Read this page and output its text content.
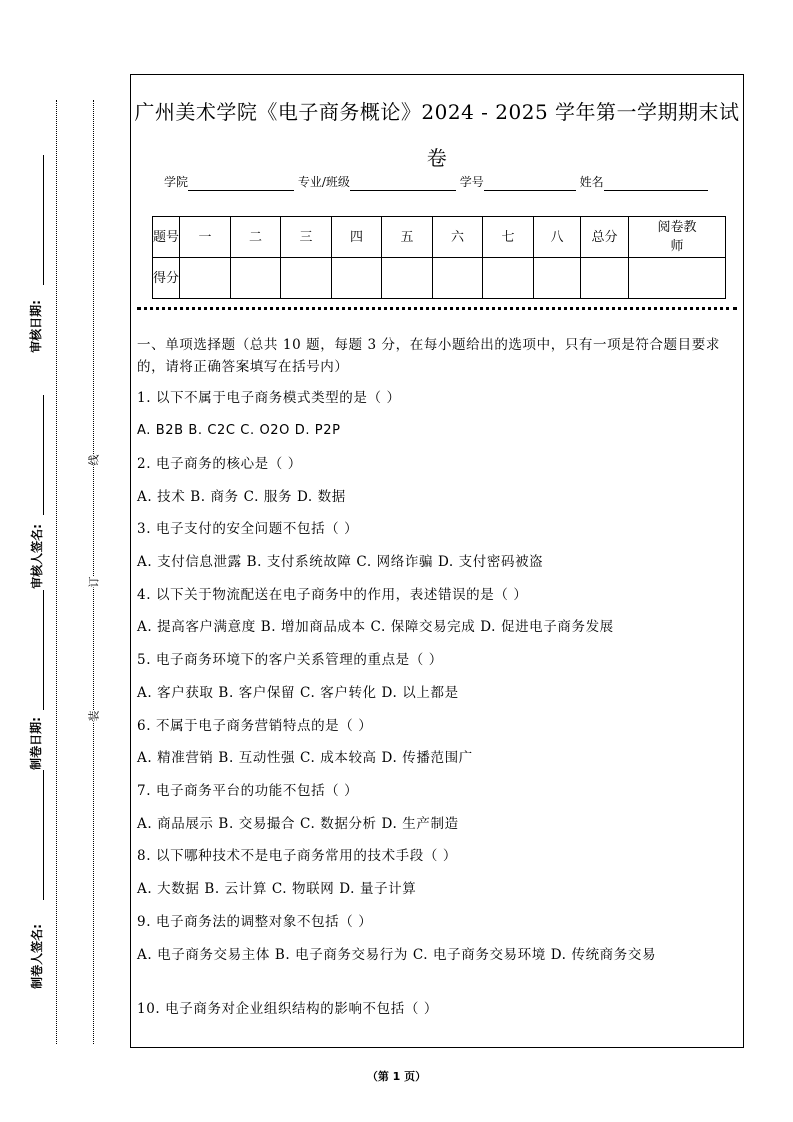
审核日期:
审核人签名:
制卷日期:
制卷人签名:
线
订
装
广州美术学院《电子商务概论》2024 - 2025 学年第一学期期末试卷
学院	专业/班级	学号	姓名
题号	一	二	三	四	五	六	七	八	总分	阅卷教师
得分										
一、单项选择题（总共 10 题，每题 3 分，在每小题给出的选项中，只有一项是符合题目要求的，请将正确答案填写在括号内）
1. 以下不属于电子商务模式类型的是（ ）
A. B2B B. C2C C. O2O D. P2P
2. 电子商务的核心是（ ）
A. 技术 B. 商务 C. 服务 D. 数据
3. 电子支付的安全问题不包括（ ）
A. 支付信息泄露 B. 支付系统故障 C. 网络诈骗 D. 支付密码被盗
4. 以下关于物流配送在电子商务中的作用，表述错误的是（ ）
A. 提高客户满意度 B. 增加商品成本 C. 保障交易完成 D. 促进电子商务发展
5. 电子商务环境下的客户关系管理的重点是（ ）
A. 客户获取 B. 客户保留 C. 客户转化 D. 以上都是
6. 不属于电子商务营销特点的是（ ）
A. 精准营销 B. 互动性强 C. 成本较高 D. 传播范围广
7. 电子商务平台的功能不包括（ ）
A. 商品展示 B. 交易撮合 C. 数据分析 D. 生产制造
8. 以下哪种技术不是电子商务常用的技术手段（ ）
A. 大数据 B. 云计算 C. 物联网 D. 量子计算
9. 电子商务法的调整对象不包括（ ）
A. 电子商务交易主体 B. 电子商务交易行为 C. 电子商务交易环境 D. 传统商务交易
10. 电子商务对企业组织结构的影响不包括（ ）
（第 1 页）
